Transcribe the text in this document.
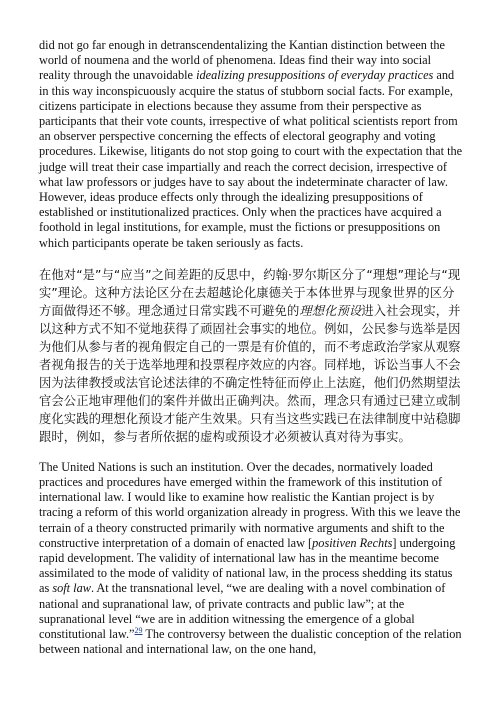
did not go far enough in detranscendentalizing the Kantian distinction between the world of noumena and the world of phenomena. Ideas find their way into social reality through the unavoidable idealizing presuppositions of everyday practices and in this way inconspicuously acquire the status of stubborn social facts. For example, citizens participate in elections because they assume from their perspective as participants that their vote counts, irrespective of what political scientists report from an observer perspective concerning the effects of electoral geography and voting procedures. Likewise, litigants do not stop going to court with the expectation that the judge will treat their case impartially and reach the correct decision, irrespective of what law professors or judges have to say about the indeterminate character of law. However, ideas produce effects only through the idealizing presuppositions of established or institutionalized practices. Only when the practices have acquired a foothold in legal institutions, for example, must the fictions or presuppositions on which participants operate be taken seriously as facts.

在他对“是”与“应当”之间差距的反思中，约翰·罗尔斯区分了“理想”理论与“现实”理论。这种方法论区分在去超越论化康德关于本体世界与现象世界的区分方面做得还不够。理念通过日常实践不可避免的理想化预设进入社会现实，并以这种方式不知不觉地获得了顽固社会事实的地位。例如，公民参与选举是因为他们从参与者的视角假定自己的一票是有价值的，而不考虑政治学家从观察者视角报告的关于选举地理和投票程序效应的内容。同样地，诉讼当事人不会因为法律教授或法官论述法律的不确定性特征而停止上法庭，他们仍然期望法官会公正地审理他们的案件并做出正确判决。然而，理念只有通过已建立或制度化实践的理想化预设才能产生效果。只有当这些实践已在法律制度中站稳脚跟时，例如，参与者所依据的虚构或预设才必须被认真对待为事实。

The United Nations is such an institution. Over the decades, normatively loaded practices and procedures have emerged within the framework of this institution of international law. I would like to examine how realistic the Kantian project is by tracing a reform of this world organization already in progress. With this we leave the terrain of a theory constructed primarily with normative arguments and shift to the constructive interpretation of a domain of enacted law [positiven Rechts] undergoing rapid development. The validity of international law has in the meantime become assimilated to the mode of validity of national law, in the process shedding its status as soft law. At the transnational level, “we are dealing with a novel combination of national and supranational law, of private contracts and public law”; at the supranational level “we are in addition witnessing the emergence of a global constitutional law.”$^{29}$ The controversy between the dualistic conception of the relation between national and international law, on the one hand,
